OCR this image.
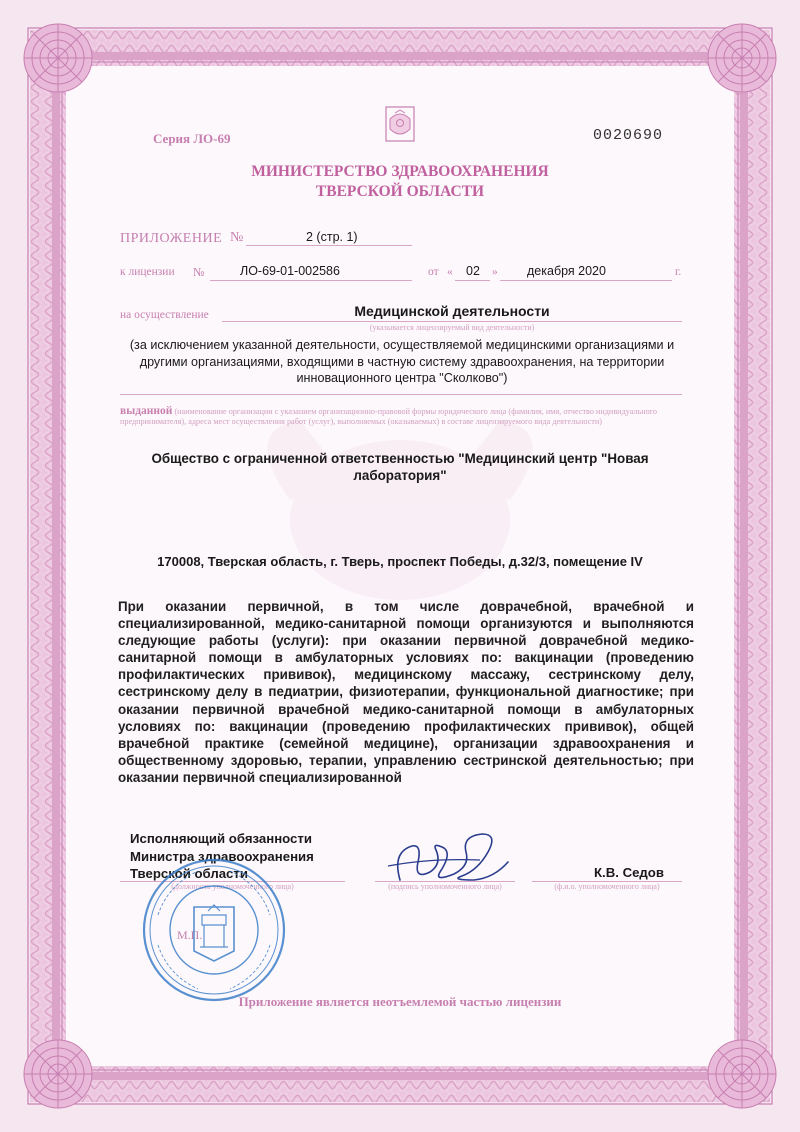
Серия ЛО-69	0020690
МИНИСТЕРСТВО ЗДРАВООХРАНЕНИЯ
ТВЕРСКОЙ ОБЛАСТИ
ПРИЛОЖЕНИЕ №	2 (стр. 1)
к лицензии №	ЛО-69-01-002586	от « 02 » декабря 2020	г.
на осуществление	Медицинской деятельности
(указывается лицензируемый вид деятельности)
(за исключением указанной деятельности, осуществляемой медицинскими организациями и другими организациями, входящими в частную систему здравоохранения, на территории инновационного центра "Сколково")
выданной (наименование организации с указанием организационно-правовой формы юридического лица (фамилия, имя, отчество индивидуального предпринимателя), адреса мест осуществления работ (услуг), выполняемых (оказываемых) в составе лицензируемого вида деятельности)
Общество с ограниченной ответственностью "Медицинский центр "Новая лаборатория"
170008, Тверская область, г. Тверь, проспект Победы, д.32/3, помещение IV
При оказании первичной, в том числе доврачебной, врачебной и специализированной, медико-санитарной помощи организуются и выполняются следующие работы (услуги): при оказании первичной доврачебной медико-санитарной помощи в амбулаторных условиях по: вакцинации (проведению профилактических прививок), медицинскому массажу, сестринскому делу, сестринскому делу в педиатрии, физиотерапии, функциональной диагностике; при оказании первичной врачебной медико-санитарной помощи в амбулаторных условиях по: вакцинации (проведению профилактических прививок), общей врачебной практике (семейной медицине), организации здравоохранения и общественному здоровью, терапии, управлению сестринской деятельностью; при оказании первичной специализированной
Исполняющий обязанности
Министра здравоохранения
Тверской области
(должность уполномоченного лица)	(подпись уполномоченного лица)
К.В. Седов
(ф.и.о. уполномоченного лица)
М.П.
Приложение является неотъемлемой частью лицензии
